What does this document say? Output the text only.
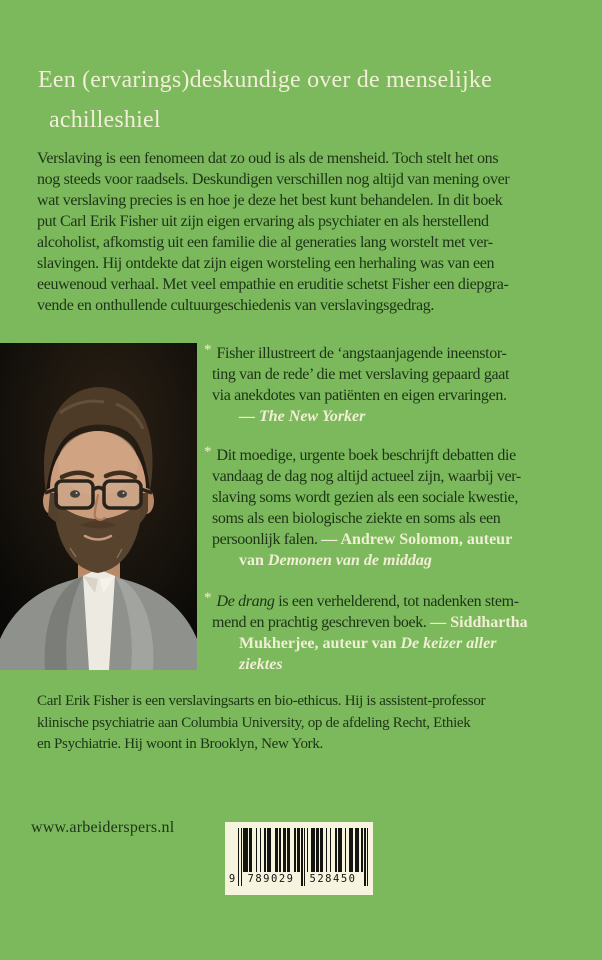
Een (ervarings)deskundige over de menselijke
achilleshiel
Verslaving is een fenomeen dat zo oud is als de mensheid. Toch stelt het ons
nog steeds voor raadsels. Deskundigen verschillen nog altijd van mening over
wat verslaving precies is en hoe je deze het best kunt behandelen. In dit boek
put Carl Erik Fisher uit zijn eigen ervaring als psychiater en als herstellend
alcoholist, afkomstig uit een familie die al generaties lang worstelt met ver-
slavingen. Hij ontdekte dat zijn eigen worsteling een herhaling was van een
eeuwenoud verhaal. Met veel empathie en eruditie schetst Fisher een diepgra-
vende en onthullende cultuurgeschiedenis van verslavingsgedrag.
* Fisher illustreert de ‘angstaanjagende ineenstor-
ting van de rede’ die met verslaving gepaard gaat
via anekdotes van patiënten en eigen ervaringen.
— The New Yorker
* Dit moedige, urgente boek beschrijft debatten die
vandaag de dag nog altijd actueel zijn, waarbij ver-
slaving soms wordt gezien als een sociale kwestie,
soms als een biologische ziekte en soms als een
persoonlijk falen. — Andrew Solomon, auteur
van Demonen van de middag
* De drang is een verhelderend, tot nadenken stem-
mend en prachtig geschreven boek. — Siddhartha
Mukherjee, auteur van De keizer aller
ziektes
Carl Erik Fisher is een verslavingsarts en bio-ethicus. Hij is assistent-professor
klinische psychiatrie aan Columbia University, op de afdeling Recht, Ethiek
en Psychiatrie. Hij woont in Brooklyn, New York.
www.arbeiderspers.nl
9	789029	528450
